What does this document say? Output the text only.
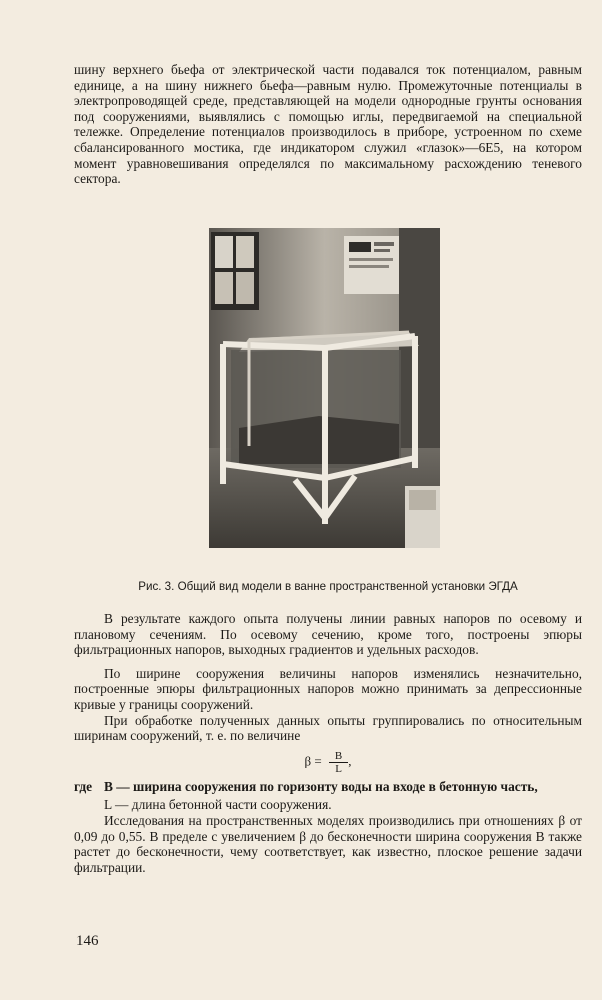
шину верхнего бьефа от электрической части подавался ток потенциалом, равным единице, а на шину нижнего бьефа—равным нулю. Промежуточные потенциалы в электропроводящей среде, представляющей на модели однородные грунты основания под сооружениями, выявлялись с помощью иглы, передвигаемой на специальной тележке. Определение потенциалов производилось в приборе, устроенном по схеме сбалансированного мостика, где индикатором служил «глазок»—6Е5, на котором момент уравновешивания определялся по максимальному расхождению теневого сектора.

Рис. 3. Общий вид модели в ванне пространственной установки ЭГДА

В результате каждого опыта получены линии равных напоров по осевому и плановому сечениям. По осевому сечению, кроме того, построены эпюры фильтрационных напоров, выходных градиентов и удельных расходов.

По ширине сооружения величины напоров изменялись незначительно, построенные эпюры фильтрационных напоров можно принимать за депрессионные кривые у границы сооружений.

При обработке полученных данных опыты группировались по относительным ширинам сооружений, т. е. по величине

$\beta = \frac{B}{L}$ ,
где B — ширина сооружения по горизонту воды на входе в бетонную часть,
L — длина бетонной части сооружения.

Исследования на пространственных моделях производились при отношениях β от 0,09 до 0,55. В пределе с увеличением β до бесконечности ширина сооружения B также растет до бесконечности, чему соответствует, как известно, плоское решение задачи фильтрации.

146
